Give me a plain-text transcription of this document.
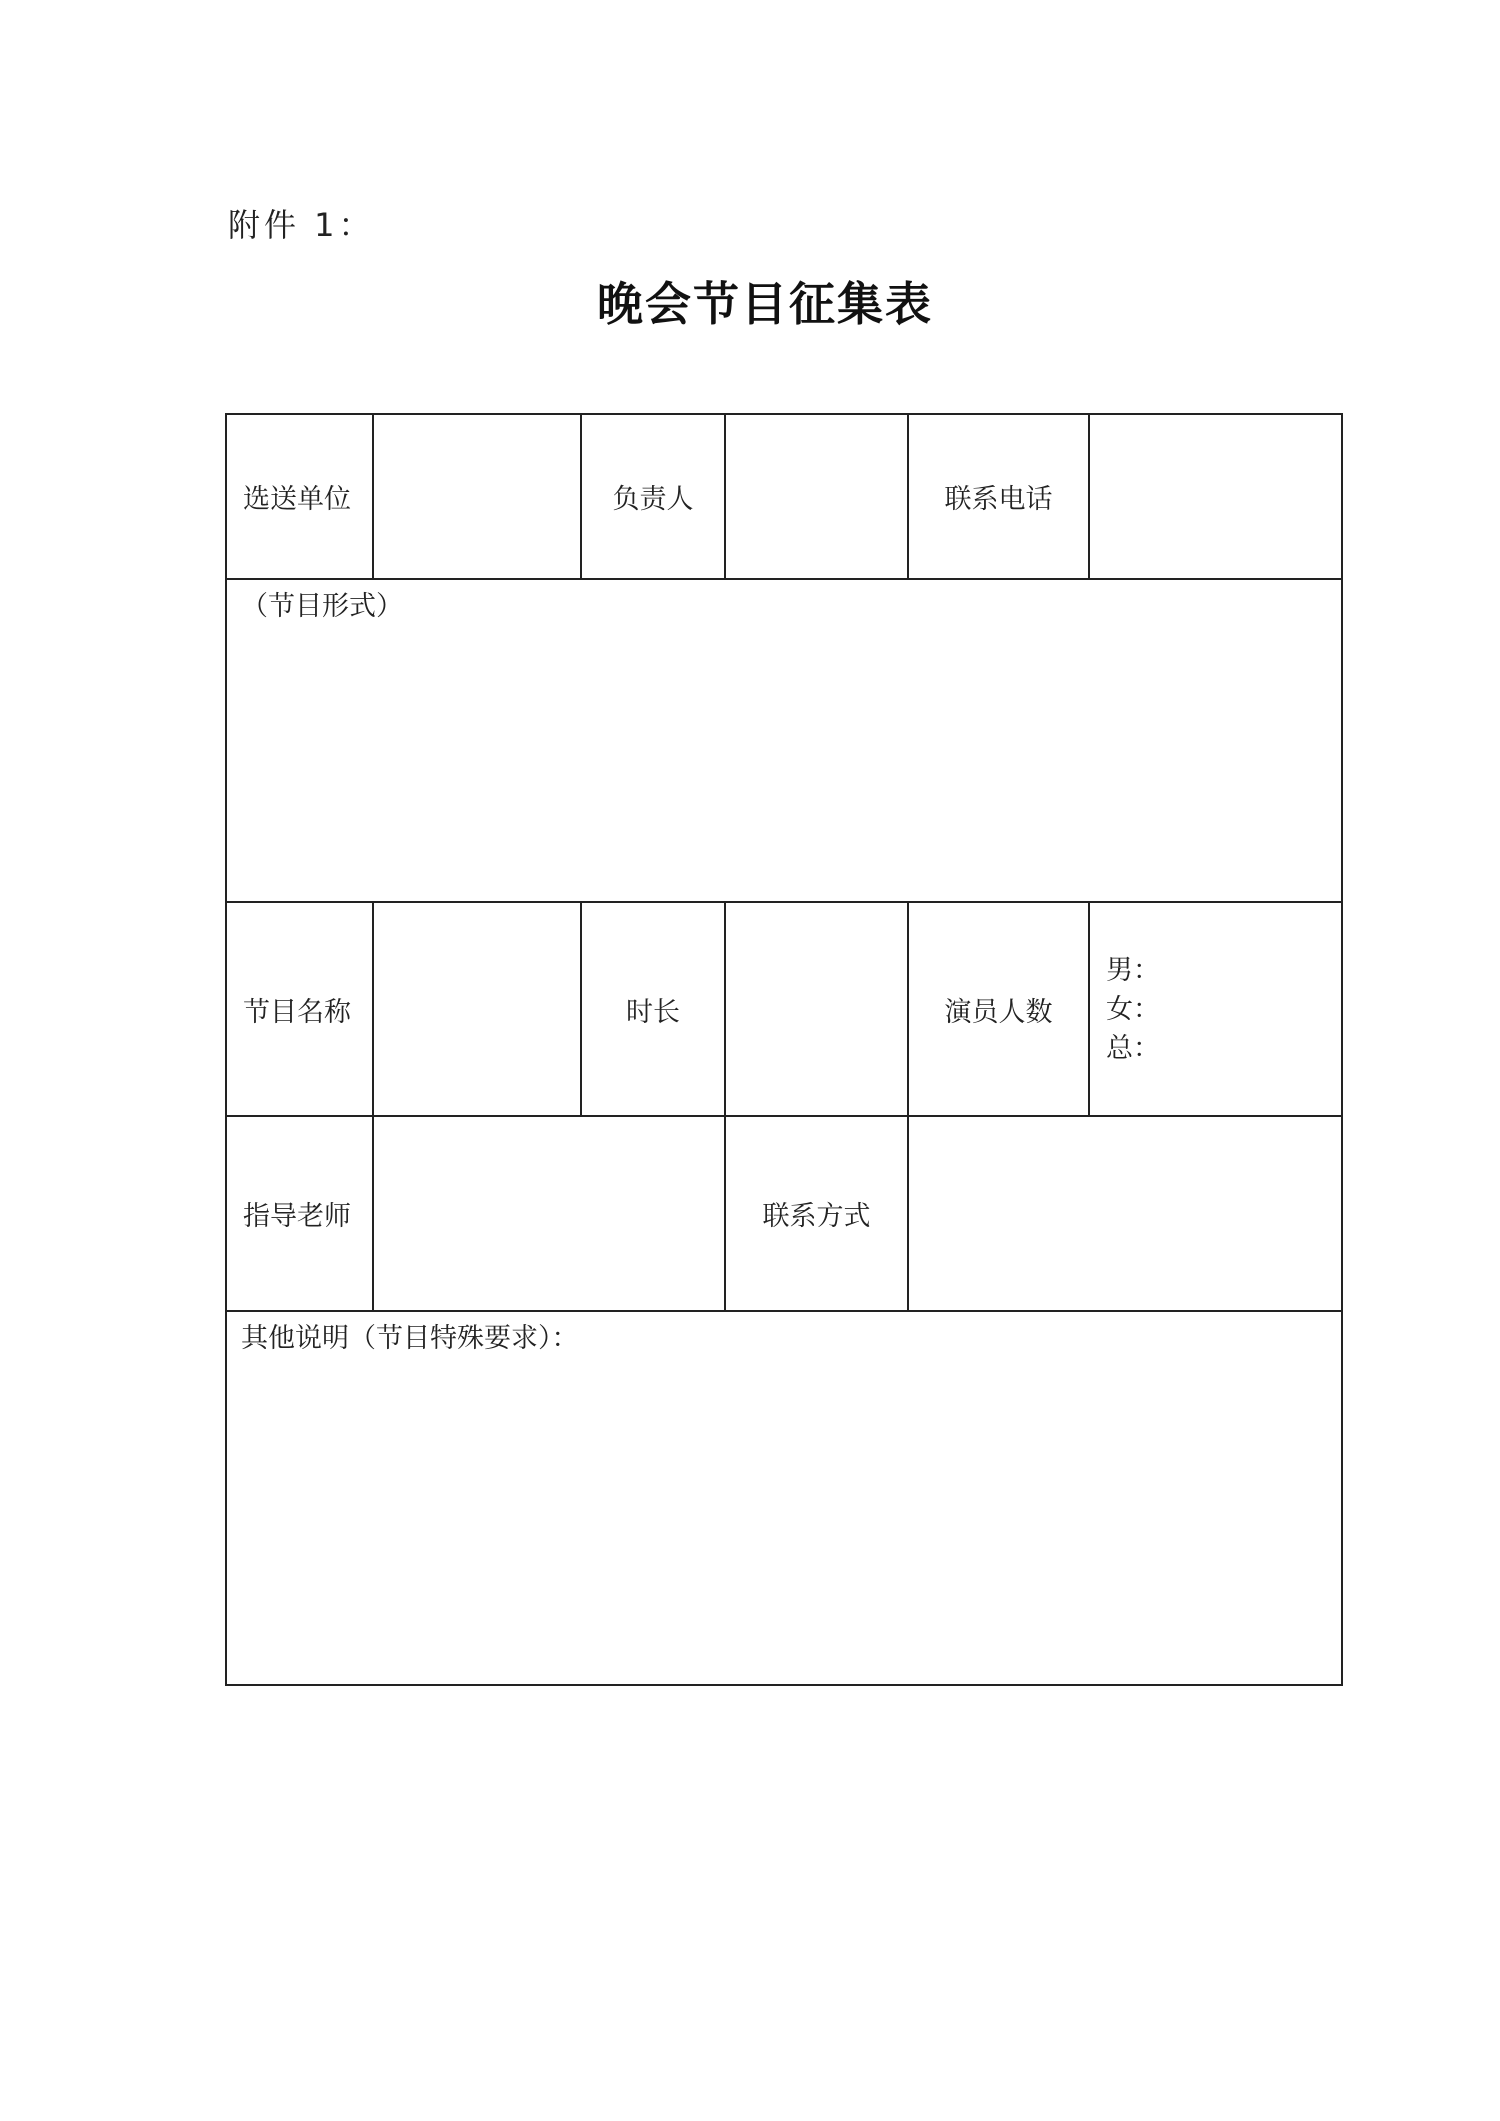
附件 1：
晚会节目征集表
选送单位		负责人		联系电话	
（节目形式）					
节目名称		时长		演员人数	男：
女：
总：

指导老师			联系方式		
其他说明（节目特殊要求）：					
